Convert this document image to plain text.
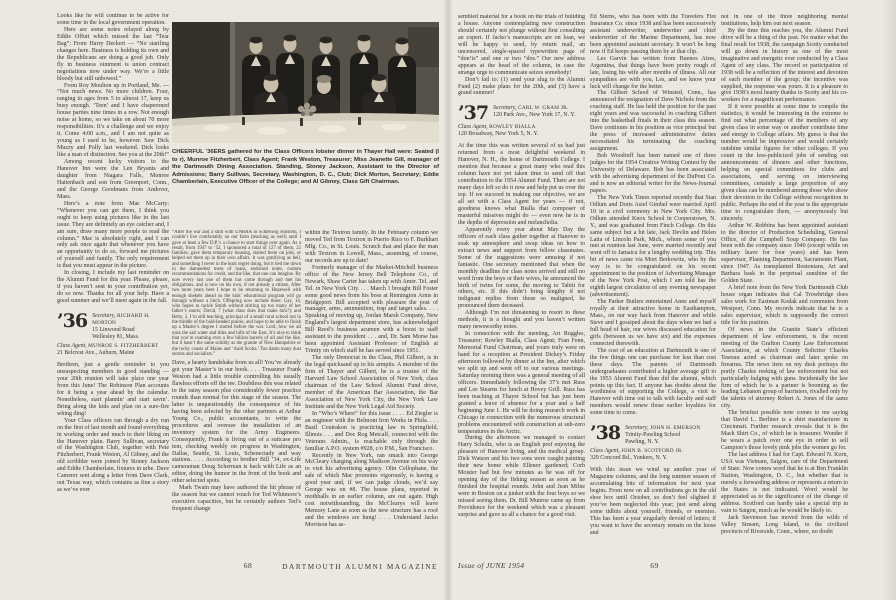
Looks like he will continue to be active for some time in the local government operation.

Here are some notes relayed along by Eddie Offutt which missed the last “Tear Bag”: From Harry Deckert — “No startling changes here. Business is holding its own and the Republicans are doing a good job. Only fly in business ointment is union contract negotiations now under way. We’re a little bloody but still unbowed.”

From Roy Moulton up in Portland, Me. — “Not much news. No more children. Four, ranging in ages from 5 to almost 17, keep us busy enough. ‘Teen’ and I have chaperoned house parties nine times in a row. Not enough noise at home, so we take on about 70 more responsibilities. It’s a challenge and we enjoy it. Come 4:00 a.m., and I am not quite as young as I used to be, however. Saw Dick Muzzy and Polly last weekend. Dick looks like a man of distinction. See you at the 20th!”

Among recent lucky visitors to the Hanover Inn were the Len Bryants and daughter from Niagara Falls, Monroe Hattenbach and son from Greenport, Conn., and the George Goodmans from Andover, Mass.

Here’s a note from Mac McCarty: “Whenever you can get them, I think you ought to keep using pictures like in the last issue. They are definitely an eye catcher and, I am sure, draw many more people to read the column.” Mac is absolutely right, and I can only ask once again that whenever you have an opportunity to do so, forward me pictures of yourself and family. The only requirement is that you must appear in the picture.

In closing, I include my last reminder on the Alumni Fund for this year. Please, please, if you haven’t sent in your contribution yet, do so now. Thanks for all your help. Have a good summer and we’ll meet again in the fall.

’36 Secretary, RICHARD H. MORTON
15 Linwood Road
Wellesley 81, Mass.
Class Agent, MUNROE S. FITZHERBERT
21 Belcrest Ave., Auburn, Maine

Brethren, just a gentle reminder to you unsuspecting members in good standing — your 20th reunion will take place one year from this June! The Robinson Plan accounts for it being a year ahead by the calendar. Nonetheless, start plannin’ and start savin’. Bring along the kids and plan on a sure-fire whing ding!

Your Class officers ran through a dry run on the first of last month and found everything in working order and much to their liking on the Hanover plain. Barry Sullivan, secretary of the Washington Club, together with Pete Fitzherbert, Frank Weston, Al Gibney, and the old scribbler were joined by Stoney Jackson and Eddie Chamberlain, fixtures in urbe. Dave Camerer sent along a letter from Dave Clark, out Texas way, which contains as fine a story as we’ve ever

CHEERFUL ’36ERS gathered for the Class Officers lobster dinner in Thayer Hall were: Seated (l to r), Munroe Fitzherbert, Class Agent; Frank Weston, Treasurer; Miss Jeanette Gill, manager of the Dartmouth Dining Association. Standing, Stoney Jackson, Assistant to the Director of Admissions; Barry Sullivan, Secretary, Washington, D. C., Club; Dick Morton, Secretary; Eddie Chamberlain, Executive Officer of the College; and Al Gibney, Class Gift Chairman.

“After the war and a stint with UNRRA in Schleswig Holstein, I couldn’t live comfortably on our farm (teaching as well) until I gave at least a few D.P.’s a chance to start things over again. As a result, from 1947 to ’52, I sponsored a total of 127 of them, 22 families; gave them temporary housing, started them on jobs, or helped set them up in their own affairs. It was gratifying as hell, and something I never in the least regret doing, but it tied me down in the damnedest mess of loans, endorsed notes, custom recommendations for credit, and the like, that one can imagine. By now every last one of them has come through and met his obligations, and is now on his own, if not already a citizen. After two more years here I hope to be returning to Hopewell with enough shekels ahead so the kids’ educational program will go through without a hitch. Offspring now include three: Gay, 14, who hopes to tackle Smith without stirring up too many of her father’s snorts; David, 7 (what class does that make him?); and Betty, 2. I’m still teaching, principal of a small rural school out in the middle of the bald-headed prairie, and hope to be able to finish up a Master’s degree I started before the war. Lord, how we all miss the salt water and tides and hills of the East. It’s nice to think that you’re roaming over a few billion barrels of oil and the like, but it hasn’t the same solidity as the granite of New Hampshire or the rocky coasts of Maine and ‘Auld Scotia.’ Too damn many dust storms and socialists.”

Dave, a hearty handshake from us all! You’ve already got your Master’s in our book. . . . Treasurer Frank Weston had a little trouble controlling his usually flawless efforts off the tee. Doubtless this was related to the rainy season plus considerably fewer practice rounds than normal for this stage of the season. The latter is unquestionably the consequence of his having been selected by the other partners at Arthur Young Co., public accountants, to write the procedures and oversee the installation of an inventory system for the Army Engineers. Consequently, Frank is living out of a suitcase pro tem, checking weekly on progress in Washington, Dallas, Seattle, St. Louis, Schenectady and way stations. . . . According to brother Bill ’34, ex-Life cameraman Doug Scherman is back with Life as an editor, doing the humor in the front of the book and other selected spots.

Mark Twain may have authored the hit phrase of the season but we cannot vouch for Ted Whitmore’s executive capacities, but he certainly authors Ted’s frequent change

within the Textron family. In the February column we moved Ted from Textron in Puerto Rico to F. Burkhart Mfg. Co., in St. Louis. Scratch that and place the man with Textron in Lowell, Mass., assuming, of course, our records are up to date!

Formerly manager of the Market-Mitchell business office of the New Jersey Bell Telephone Co., of Newark, Shaw Carter has taken up with Amer. Tel. and Tel. in New York City. . . . March 1 brought Bill Foster some good news from his boss at Remington Arms in Bridgeport. Bill accepted with pleasure the post of manager, arms, ammunition, trap and target sales. . . . Speaking of moving up, Jordan Marsh Company, New England’s largest department store, has acknowledged Bill Reed’s business acumen with a boost to staff assistant to the president . . . and, Dr. Sam Morse has been appointed Assistant Professor of English at Trinity on which staff he has served since 1951.

The only Democrat in the Class, Phil Gilbert, is in the legal quicksand up to his armpits. A member of the firm of Thayer and Gilbert, he is a trustee of the Harvard Law School Association of New York, class chairman of the Law School Alumni Fund drive, member of the American Bar Association, the Bar Association of New York City, the New York Law Institute and the New York Legal Aid Society.

In “Who’s Where” for this issue . . . . Ed Ziegler is an engineer with the Belmont Iron Works in Phila. . . . Basil Coutrakon is practicing law in Springfield, Illinois . . . and Doc Rog Metcalf, connected with the Veterans Admin., is reachable only through the familiar A.P.O. system #928, c/o P.M., San Francisco.

Recently in New York, ran smack into George McCleary charging along Madison Avenue on his way to visit his advertising agency. Olin Cellophane, the sale of which Mac promotes vigorously, is having a good year and, if we can judge clouds, we’d say George was on #8. The house plans, reported in mothballs in an earlier column, are out again. High cost notwithstanding, the McClearys will leave Memory Lane as soon as the new structure has a roof and the windows are hung! . . . Understand Jacko Morrison has as-

68	DARTMOUTH ALUMNI MAGAZINE

sembled material for a book on the trials of building a house. Anyone contemplating new construction should certainly not plunge without first consulting an expert. If Jacko’s manuscripts are on loan, we will be happy to send, by return mail, an uncensored, single-spaced typewritten page of “don’ts” and one or two “dos.” Our new address appears at the head of the column, in case the strange urge to communicate seizes somebody!

Don’t fail to: (1) send your slug to the Alumni Fund (2) make plans for the 20th, and (3) have a grand summer!

’37 Secretary, CARL W. GRAM JR.
120 Park Ave., New York 17, N. Y.
Class Agent, ROWLEY BIALLA
120 Broadway, New York 5, N. Y.

At the time this was written several of us had just returned from a most delightful weekend in Hanover, N. H., the home of Dartmouth College. I mention that because a great many who read this column have not yet taken time to send off that contribution to the 1954 Alumni Fund. There are not many days left so do it now and help put us over the top. If we succeed in making our objective, we are all set with a Class Agent for years — if not, goodness knows what Bialla that composer of masterful missives might do — even now he is in the depths of depression and melancholia.

Apparently every year about May Day the officers of each class gather together at Hanover to soak up atmosphere and swap ideas on how to extract news and support from fellow classmates. Some of the suggestions were amusing if not fantastic. One secretary mentioned that when the monthly deadline for class notes arrived and still no word from the boys or their wives, he announced the birth of twins for some, the moving to Tahiti for others, etc. If this didn’t bring lengthy if not indignant replies from those so maligned, he pronounced them deceased.

Although I’m not threatening to resort to these methods, it is a thought and you haven’t written many newsworthy notes.

In connection with the meeting, Art Ruggles, Treasurer; Rowley Bialla, Class Agent; Fran Fenn, Memorial Fund Chairman, and yours truly were on hand for a reception at President Dickey’s Friday afternoon followed by dinner at the Inn, after which we split up and went off to our various meetings. Saturday morning there was a general meeting of all officers. Immediately following the 37’s met Russ and Lee Stearns for lunch at Hovey Grill. Russ has been teaching at Thayer School but has just been granted a leave of absence for a year and a half beginning June 1. He will be doing research work in Chicago in connection with the numerous structural problems encountered with construction at sub-zero temperatures in the Arctic.

During the afternoon we managed to contact Harry Schultz, who is an English prof enjoying the pleasure of Hanover living, and the medical group. Dick Watson and his two sons were caught painting their new home while Ellenor gardened; Corb Moister had but few minutes as he was off for opening day of the fishing season as soon as he finished the hospital rounds. John and Jean Milne were in Boston on a junket with the four boys so we missed seeing them. Dr. Bill Munroe came up from Providence for the weekend which was a pleasant surprise and gave us all a chance for a good visit.

Ed Sterns, who has been with the Travelers Fire Insurance Co. since 1938 and has been successively assistant underwriter, underwriter and chief underwriter of the Marine Department, has now been appointed assistant secretary. It won’t be long now if Ed keeps passing them by at that clip.

Les Garvin has written from Buenos Aires, Argentina, that things have been pretty rough of late, losing his wife after months of illness. All our sympathies are with you, Les, and we know your luck will change for the better.

The Gilbert School of Winsted, Conn., has announced the resignation of Dave Nichols from the coaching staff. He has held the position for the past eight years and was successful in coaching Gilbert into the basketball finals in their class this season. Dave continues in his position as vice principal but the press of increased administrative duties necessitated his terminating the coaching assignment.

Bob Woodruff has been named one of three judges for the 1954 Creative Writing Contest by the University of Delaware. Bob has been associated with the advertising department of the DuPont Co. and is now an editorial writer for the News-Journal papers.

The New York Times reported recently that Stan Odlum and Doris Asiel Gimbel were married April 10 in a civil ceremony in New York City. Mrs. Odlum attended Knox School in Cooperstown, N. Y., and was graduated from Finch College. On this same subject but a bit late, Jack Devlin and Helen Latta of Lincoln Park, Mich., whom some of you met at reunion last June, were married recently and went off to Jamaica for a lengthy wedding trip. This bit of news came via Mort Berkowitz, who by the way is to be congratulated on his recent appointment to the position of Advertising Manager of the New York Post, which I am told has the eighth largest circulation of any evening newspaper (advertisement).

The Parker Butlers entertained Anne and myself royally at their attractive home in Easthampton, Mass., on our way back from Hanover and while Steve and I gossiped about the days when we had a full head of hair, our wives discussed education for girls (between us we have six) and the expenses connected therewith.

The cost of an education at Dartmouth is one of the few things one can purchase for less than cost these days. The parents of Dartmouth undergraduates contributed a higher average gift to the 1953 Alumni Fund than did the alumni, which points up this fact. If anyone has doubts about the worthiness of supporting the College, a visit to Hanover with time out to talk with faculty and staff members would renew those earlier loyalties for some time to come.

’38 Secretary, JOHN H. EMERSON
Trinity-Pawling School
Pawling, N. Y.
Class Agent, JOHN B. SCOTFORD JR.
329 Concord Rd., Yonkers, N. Y.

With this issue we wind up another year of Magazine columns, and the long summer season of accumulating bits of information for next year begins. From now on all contributions go in the old shoe box until October, so don’t feel slighted if you’ve been neglected this year; just send along some tidbits about yourself, friends, or enemies. This has been a year singularly devoid of letters; if you want to have the secretary remain on the loose and

not in one of the three neighboring mental institutions, help him out next season.

By the time this reaches you, the Alumni Fund drive will be a thing of the past. No matter what the final result for 1938, the campaign Scotty conducted will go down in history as one of the most imaginative and energetic ever conducted by a Class Agent of any class. The record or participation of 1938 will be a reflection of the interest and devotion of each member of the group; the incentive was supplied, the response was yours. It is a pleasure to give 1938’s most hearty thanks to Scotty and his co-workers for a magnificent performance.

If it were possible at some time to compile the statistics, it would be interesting in the extreme to find out what percentage of the members of any given class in some way or another contribute time and energy to College affairs. My guess is that the number would be impressive and would certainly outshine similar figures for other colleges. If you count in the less-publicized jobs of sending out announcements of dinners and other functions, helping on special committees for clubs and associations, and serving on interviewing committees, certainly a large proportion of any given class can be numbered among those who show their devotion to the College without recognition in public. Perhaps the end of the year is the appropriate time to congratulate them, — anonymously but sincerely.

Arthur W. Robbins has been appointed assistant to the director of Production Scheduling, General Office, of the Campbell Soup Company. He has been with the company since 1940 (except while on military leave for four years) and has been supervisor, Planning Department, Sacramento Plant, since 1947. As transplanted Bostonians, Art and Barbara bask in the perpetual sunshine of the Golden State.

A brief note from the New York Dartmouth Club house organ indicates that Cal Trowbridge does sales work for Eastman Kodak and commutes from Westport, Conn. My records indicate that he is a sales supervisor, which is supposedly the correct title for his position.

Of news in the Granite State’s efficient department of law enforcement, is the recent meeting of the Grafton County Law Enforcement Association, at which County Solicitor Charles Tesreau acted as chairman and later spoke on firearms. The news item on my desk portrays the portly Charles reeking of law enforcement but not particularly bulging with guns. Incidentally the law firm of which he is a partner is booming as the leading Lebanon group of barristers, rivalled only by the talents of attorney Robert A. Jones of the same city.

The briefest possible note comes to me saying that David L. Berliner is a shirt manufacturer in Cincinnati. Further research reveals that it is the Mack Shirt Co., of which he is treasurer. Wonder if he wears a patch over one eye in order to sell Campion’s those lovely pink jobs the women go for.

The last address I had for Capt. Edward N. Korn, USA was Vietnam, Saigon, care of the Department of State. Now comes word that he is at Ben Franklin Station, Washington, D. C., but whether that is merely a forwarding address or represents a return to the States is not indicated. Word would be appreciated as to the significance of the change of address. Scotford can hardly take a special trip in vain to Saigon, much as he would be likely to.

Jack Stevenson has moved from the wilds of Valley Stream, Long Island, to the civilized precincts of Riverside, Conn., where, no doubt

Issue of JUNE 1954	69
